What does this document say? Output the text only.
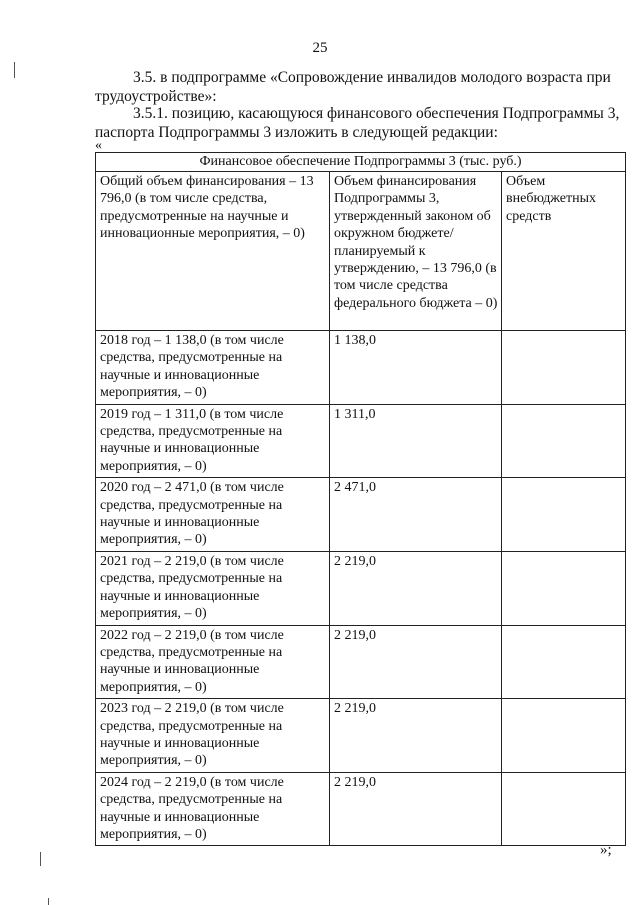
25
3.5. в подпрограмме «Сопровождение инвалидов молодого возраста при трудоустройстве»:
3.5.1. позицию, касающуюся финансового обеспечения Подпрограммы 3, паспорта Подпрограммы 3 изложить в следующей редакции:
«
Финансовое обеспечение Подпрограммы 3 (тыс. руб.)		
Общий объем финансирования – 13 796,0 (в том числе средства, предусмотренные на научные и инновационные мероприятия, – 0)	Объем финансирования Подпрограммы 3, утвержденный законом об окружном бюджете/планируемый к утверждению, – 13 796,0 (в том числе средства федерального бюджета – 0)	Объем внебюджетных средств
2018 год – 1 138,0 (в том числе средства, предусмотренные на научные и инновационные мероприятия, – 0)	1 138,0	
2019 год – 1 311,0 (в том числе средства, предусмотренные на научные и инновационные мероприятия, – 0)	1 311,0	
2020 год – 2 471,0 (в том числе средства, предусмотренные на научные и инновационные мероприятия, – 0)	2 471,0	
2021 год – 2 219,0 (в том числе средства, предусмотренные на научные и инновационные мероприятия, – 0)	2 219,0	
2022 год – 2 219,0 (в том числе средства, предусмотренные на научные и инновационные мероприятия, – 0)	2 219,0	
2023 год – 2 219,0 (в том числе средства, предусмотренные на научные и инновационные мероприятия, – 0)	2 219,0	
2024 год – 2 219,0 (в том числе средства, предусмотренные на научные и инновационные мероприятия, – 0)	2 219,0	
»;
